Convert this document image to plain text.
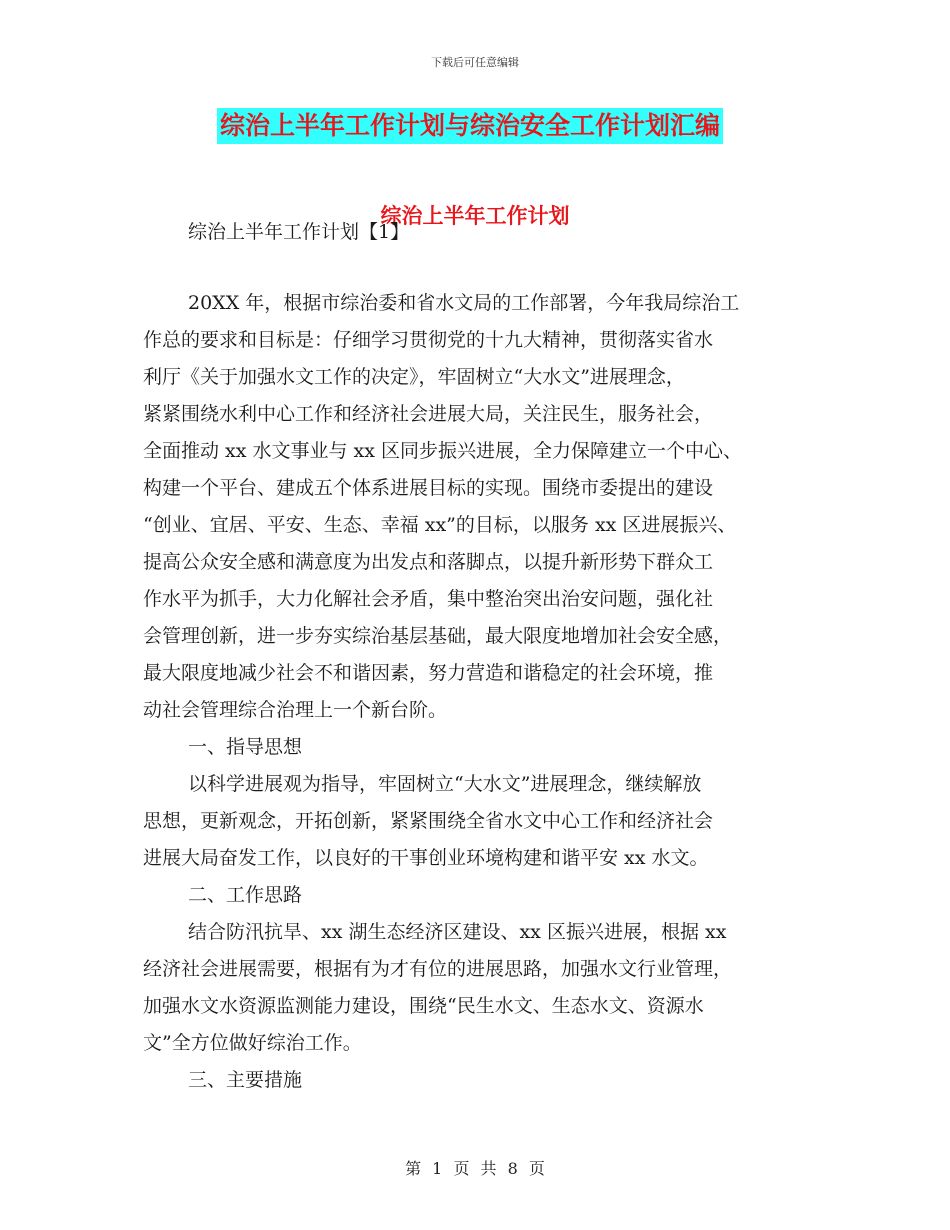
下载后可任意编辑
综治上半年工作计划与综治安全工作计划汇编
综治上半年工作计划
综治上半年工作计划【1】
20XX 年，根据市综治委和省水文局的工作部署，今年我局综治工
作总的要求和目标是：仔细学习贯彻党的十九大精神，贯彻落实省水
利厅《关于加强水文工作的决定》，牢固树立“大水文”进展理念，
紧紧围绕水利中心工作和经济社会进展大局，关注民生，服务社会，
全面推动 xx 水文事业与 xx 区同步振兴进展，全力保障建立一个中心、
构建一个平台、建成五个体系进展目标的实现。围绕市委提出的建设
“创业、宜居、平安、生态、幸福 xx”的目标，以服务 xx 区进展振兴、
提高公众安全感和满意度为出发点和落脚点，以提升新形势下群众工
作水平为抓手，大力化解社会矛盾，集中整治突出治安问题，强化社
会管理创新，进一步夯实综治基层基础，最大限度地增加社会安全感，
最大限度地减少社会不和谐因素，努力营造和谐稳定的社会环境，推
动社会管理综合治理上一个新台阶。
一、指导思想
以科学进展观为指导，牢固树立“大水文”进展理念，继续解放
思想，更新观念，开拓创新，紧紧围绕全省水文中心工作和经济社会
进展大局奋发工作，以良好的干事创业环境构建和谐平安 xx 水文。
二、工作思路
结合防汛抗旱、xx 湖生态经济区建设、xx 区振兴进展，根据 xx
经济社会进展需要，根据有为才有位的进展思路，加强水文行业管理，
加强水文水资源监测能力建设，围绕“民生水文、生态水文、资源水
文”全方位做好综治工作。
三、主要措施
第 1 页 共 8 页
